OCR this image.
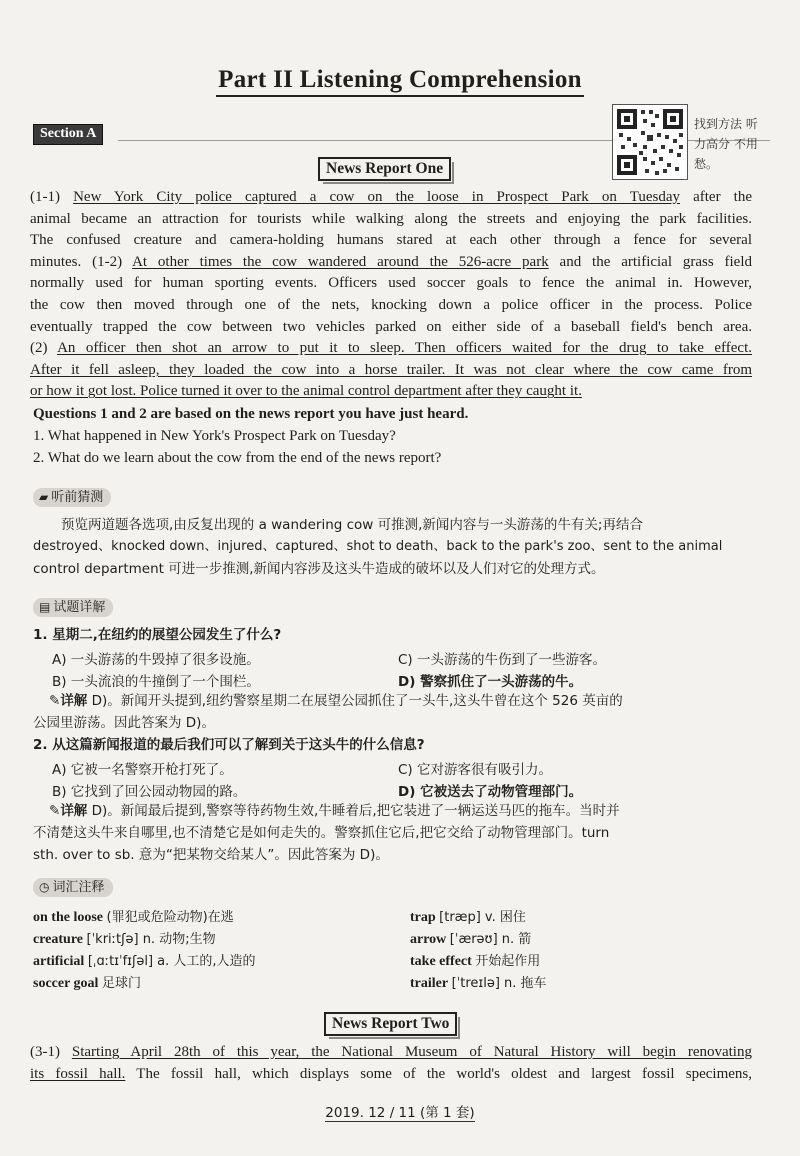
Part II Listening Comprehension
Section A
找到方法 听力高分 不用愁。
News Report One
(1-1) New York City police captured a cow on the loose in Prospect Park on Tuesday after the
animal became an attraction for tourists while walking along the streets and enjoying the park facilities.
The confused creature and camera-holding humans stared at each other through a fence for several
minutes. (1-2) At other times the cow wandered around the 526-acre park and the artificial grass field
normally used for human sporting events. Officers used soccer goals to fence the animal in. However,
the cow then moved through one of the nets, knocking down a police officer in the process. Police
eventually trapped the cow between two vehicles parked on either side of a baseball field's bench area.
(2) An officer then shot an arrow to put it to sleep. Then officers waited for the drug to take effect.
After it fell asleep, they loaded the cow into a horse trailer. It was not clear where the cow came from
or how it got lost. Police turned it over to the animal control department after they caught it.
Questions 1 and 2 are based on the news report you have just heard.
1. What happened in New York's Prospect Park on Tuesday?
2. What do we learn about the cow from the end of the news report?
▰ 听前猜测
预览两道题各选项,由反复出现的 a wandering cow 可推测,新闻内容与一头游荡的牛有关;再结合
destroyed、knocked down、injured、captured、shot to death、back to the park's zoo、sent to the animal
control department 可进一步推测,新闻内容涉及这头牛造成的破坏以及人们对它的处理方式。
▤ 试题详解
1. 星期二,在纽约的展望公园发生了什么?
A) 一头游荡的牛毁掉了很多设施。	C) 一头游荡的牛伤到了一些游客。
B) 一头流浪的牛撞倒了一个围栏。	D) 警察抓住了一头游荡的牛。
✎详解 D)。新闻开头提到,纽约警察星期二在展望公园抓住了一头牛,这头牛曾在这个 526 英亩的
公园里游荡。因此答案为 D)。
2. 从这篇新闻报道的最后我们可以了解到关于这头牛的什么信息?
A) 它被一名警察开枪打死了。	C) 它对游客很有吸引力。
B) 它找到了回公园动物园的路。	D) 它被送去了动物管理部门。
✎详解 D)。新闻最后提到,警察等待药物生效,牛睡着后,把它装进了一辆运送马匹的拖车。当时并
不清楚这头牛来自哪里,也不清楚它是如何走失的。警察抓住它后,把它交给了动物管理部门。turn
sth. over to sb. 意为“把某物交给某人”。因此答案为 D)。
◷ 词汇注释
on the loose (罪犯或危险动物)在逃
creature [ˈkriːtʃə] n. 动物;生物
artificial [ˌɑːtɪˈfɪʃəl] a. 人工的,人造的
soccer goal 足球门
trap [træp] v. 困住
arrow [ˈærəʊ] n. 箭
take effect 开始起作用
trailer [ˈtreɪlə] n. 拖车
News Report Two
(3-1) Starting April 28th of this year, the National Museum of Natural History will begin renovating
its fossil hall. The fossil hall, which displays some of the world's oldest and largest fossil specimens,
2019. 12 / 11 (第 1 套)
